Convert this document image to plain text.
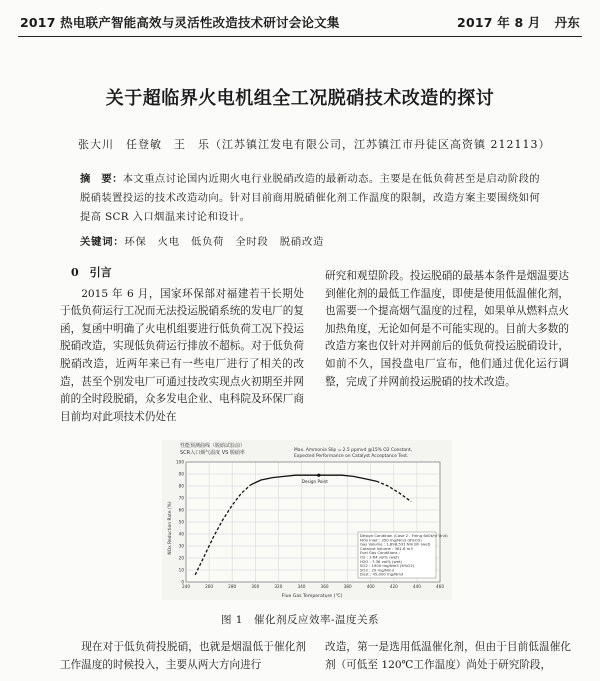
2017 热电联产智能高效与灵活性改造技术研讨会论文集	2017 年 8 月 丹东
关于超临界火电机组全工况脱硝技术改造的探讨
张大川　任登敏　王　乐（江苏镇江发电有限公司，江苏镇江市丹徒区高资镇 212113）
摘　要：本文重点讨论国内近期火电行业脱硝改造的最新动态。主要是在低负荷甚至是启动阶段的脱硝装置投运的技术改造动向。针对目前商用脱硝催化剂工作温度的限制，改造方案主要围绕如何提高 SCR 入口烟温来讨论和设计。
关键词：环保　火电　低负荷　全时段　脱硝改造
0　引言

2015 年 6 月，国家环保部对福建若干长期处于低负荷运行工况而无法投运脱硝系统的发电厂的复函，复函中明确了火电机组要进行低负荷工况下投运脱硝改造，实现低负荷运行排放不超标。对于低负荷脱硝改造，近两年来已有一些电厂进行了相关的改造，甚至个别发电厂可通过技改实现点火初期至并网前的全时段脱硝，众多发电企业、电科院及环保厂商目前均对此项技术仍处在

研究和观望阶段。投运脱硝的最基本条件是烟温要达到催化剂的最低工作温度，即使是使用低温催化剂，也需要一个提高烟气温度的过程，如果单从燃料点火加热角度，无论如何是不可能实现的。目前大多数的改造方案也仅针对并网前后的低负荷投运脱硝设计，如前不久，国投盘电厂宣布，他们通过优化运行调整，完成了并网前投运脱硝的技术改造。

性能预测曲线（脱硝试验前）
SCR入口烟气温度 VS 脱硝率	Max. Ammonia Slip = 2.5 ppmvd @15% O2 Constant,
Expected Performance on Catalyst Acceptance Test.
NOx Reduction Rate (%)
Flue Gas Temperature (℃)
Design Point
0
10
20
30
40
50
60
70
80
90
100
240	260	280	300	320	340	360	380	400	420	440	460
Design Condition (Case 2 : Firing 600t/hr Unit)
NOx Inlet : 350 mg/Nm3 (6%O2)
Gas Volume : 1,898,531 Nm3/h (wet)
Catalyst Volume : 361.6 m3
Fuel Gas Conditions :
O2 : 3.64 vol% (wet)
H2O : 7.36 vol% (wet)
SO2 : 1900 mg/Nm3 (6%O2)
SO3 : 20 mg/Nm3
Dust : 45,000 mg/Nm3
图 1　催化剂反应效率-温度关系

现在对于低负荷投脱硝，也就是烟温低于催化剂工作温度的时候投入，主要从两大方向进行

改造，第一是选用低温催化剂，但由于目前低温催化剂（可低至 120℃工作温度）尚处于研究阶段，
